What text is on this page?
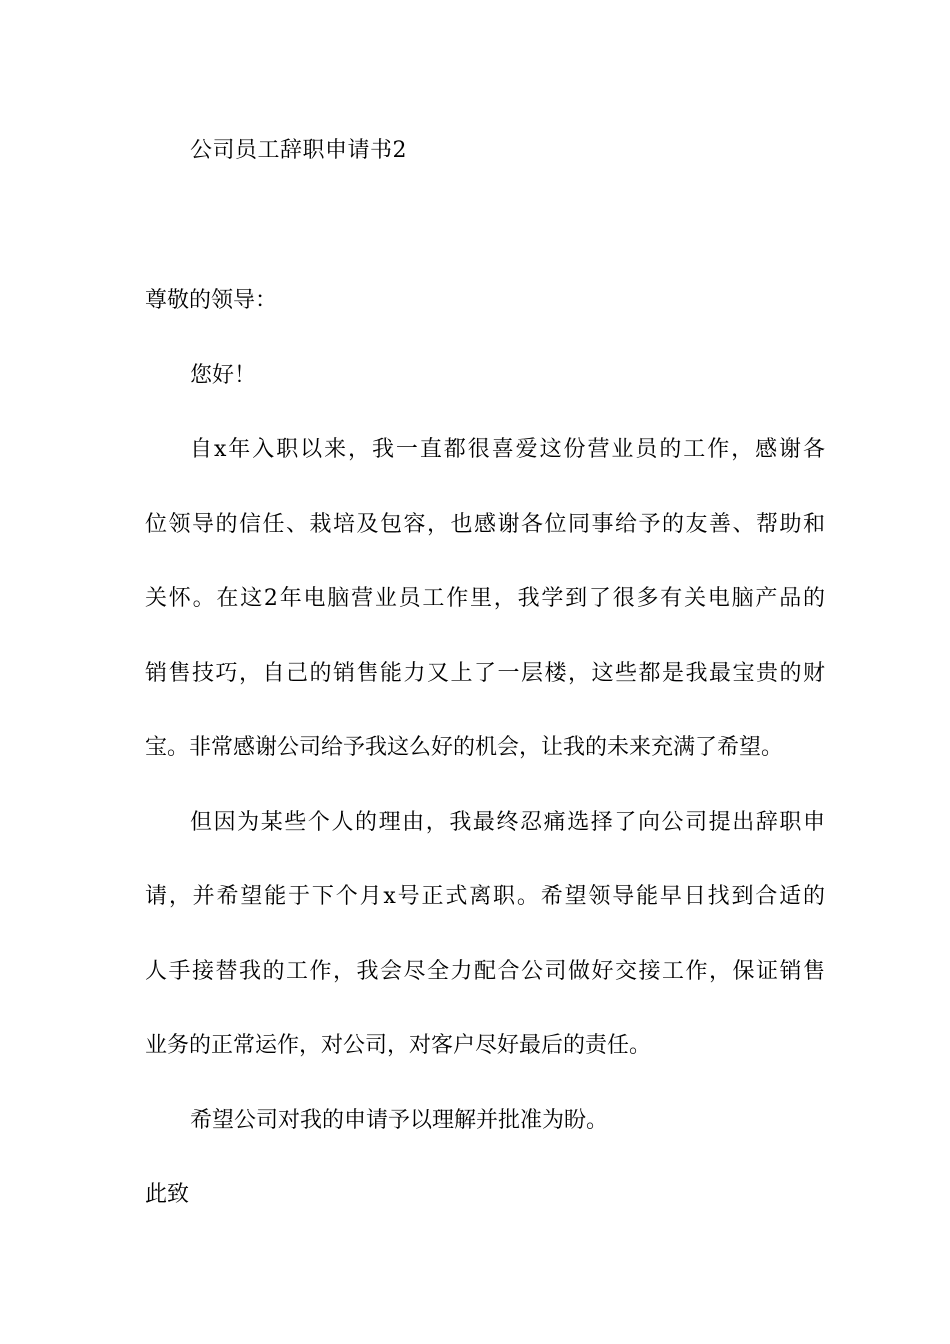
公司员工辞职申请书2
尊敬的领导：
您好！
自x年入职以来，我一直都很喜爱这份营业员的工作，感谢各
位领导的信任、栽培及包容，也感谢各位同事给予的友善、帮助和
关怀。在这2年电脑营业员工作里，我学到了很多有关电脑产品的
销售技巧，自己的销售能力又上了一层楼，这些都是我最宝贵的财
宝。非常感谢公司给予我这么好的机会，让我的未来充满了希望。
但因为某些个人的理由，我最终忍痛选择了向公司提出辞职申
请，并希望能于下个月x号正式离职。希望领导能早日找到合适的
人手接替我的工作，我会尽全力配合公司做好交接工作，保证销售
业务的正常运作，对公司，对客户尽好最后的责任。
希望公司对我的申请予以理解并批准为盼。
此致
